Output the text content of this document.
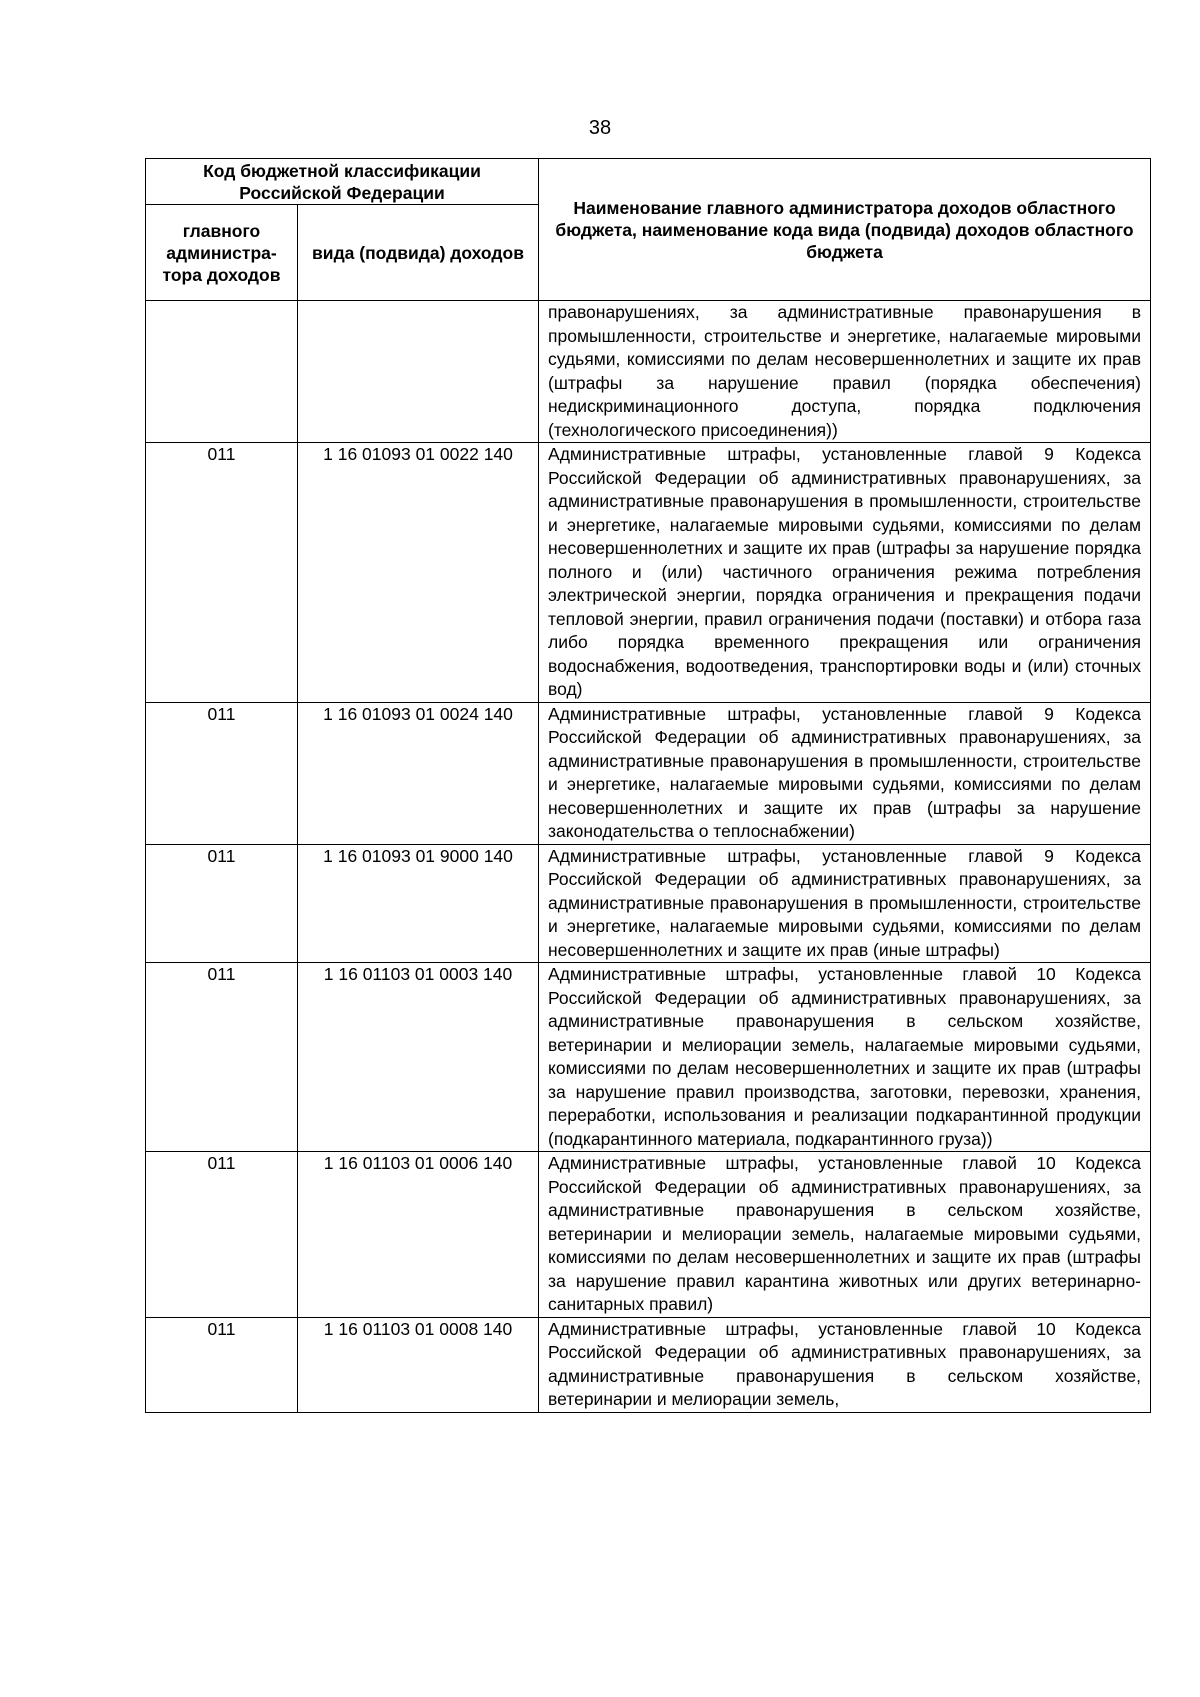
38
Код бюджетной классификации Российской Федерации		Наименование главного администратора доходов областного бюджета, наименование кода вида (подвида) доходов областного бюджета
главного администра-тора доходов	вида (подвида) доходов	
		правонарушениях, за административные правонарушения в промышленности, строительстве и энергетике, налагаемые мировыми судьями, комиссиями по делам несовершеннолетних и защите их прав (штрафы за нарушение правил (порядка обеспечения) недискриминационного доступа, порядка подключения (технологического присоединения))
011	1 16 01093 01 0022 140	Административные штрафы, установленные главой 9 Кодекса Российской Федерации об административных правонарушениях, за административные правонарушения в промышленности, строительстве и энергетике, налагаемые мировыми судьями, комиссиями по делам несовершеннолетних и защите их прав (штрафы за нарушение порядка полного и (или) частичного ограничения режима потребления электрической энергии, порядка ограничения и прекращения подачи тепловой энергии, правил ограничения подачи (поставки) и отбора газа либо порядка временного прекращения или ограничения водоснабжения, водоотведения, транспортировки воды и (или) сточных вод)
011	1 16 01093 01 0024 140	Административные штрафы, установленные главой 9 Кодекса Российской Федерации об административных правонарушениях, за административные правонарушения в промышленности, строительстве и энергетике, налагаемые мировыми судьями, комиссиями по делам несовершеннолетних и защите их прав (штрафы за нарушение законодательства о теплоснабжении)
011	1 16 01093 01 9000 140	Административные штрафы, установленные главой 9 Кодекса Российской Федерации об административных правонарушениях, за административные правонарушения в промышленности, строительстве и энергетике, налагаемые мировыми судьями, комиссиями по делам несовершеннолетних и защите их прав (иные штрафы)
011	1 16 01103 01 0003 140	Административные штрафы, установленные главой 10 Кодекса Российской Федерации об административных правонарушениях, за административные правонарушения в сельском хозяйстве, ветеринарии и мелиорации земель, налагаемые мировыми судьями, комиссиями по делам несовершеннолетних и защите их прав (штрафы за нарушение правил производства, заготовки, перевозки, хранения, переработки, использования и реализации подкарантинной продукции (подкарантинного материала, подкарантинного груза))
011	1 16 01103 01 0006 140	Административные штрафы, установленные главой 10 Кодекса Российской Федерации об административных правонарушениях, за административные правонарушения в сельском хозяйстве, ветеринарии и мелиорации земель, налагаемые мировыми судьями, комиссиями по делам несовершеннолетних и защите их прав (штрафы за нарушение правил карантина животных или других ветеринарно- санитарных правил)
011	1 16 01103 01 0008 140	Административные штрафы, установленные главой 10 Кодекса Российской Федерации об административных правонарушениях, за административные правонарушения в сельском хозяйстве, ветеринарии и мелиорации земель,
